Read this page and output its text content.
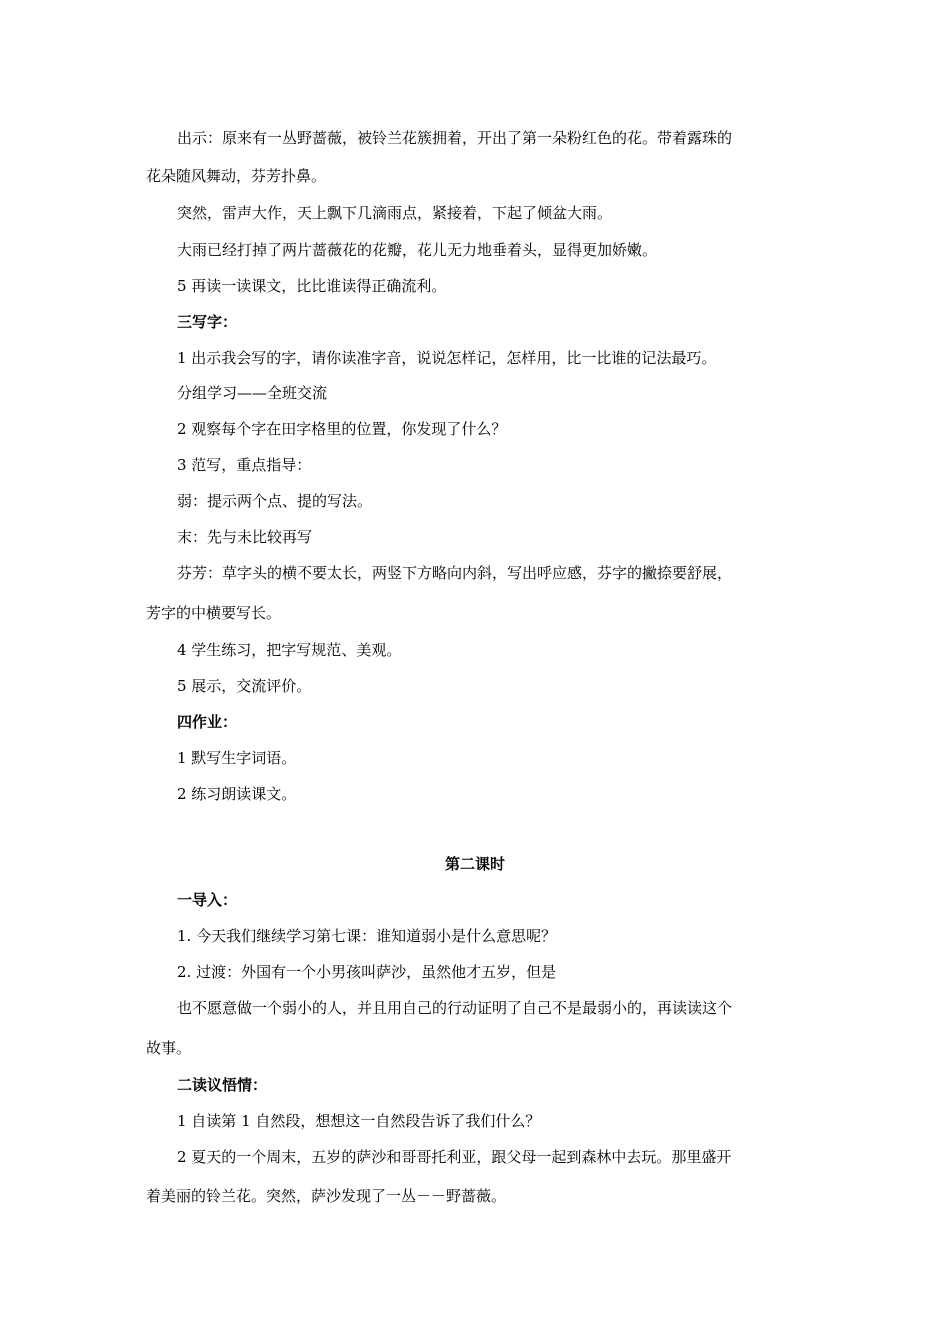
出示：原来有一丛野蔷薇，被铃兰花簇拥着，开出了第一朵粉红色的花。带着露珠的
花朵随风舞动，芬芳扑鼻。
突然，雷声大作，天上飘下几滴雨点，紧接着，下起了倾盆大雨。
大雨已经打掉了两片蔷薇花的花瓣，花儿无力地垂着头，显得更加娇嫩。
5 再读一读课文，比比谁读得正确流利。
三写字：
1 出示我会写的字，请你读准字音，说说怎样记，怎样用，比一比谁的记法最巧。
分组学习——全班交流
2 观察每个字在田字格里的位置，你发现了什么？
3 范写，重点指导：
弱：提示两个点、提的写法。
末：先与未比较再写
芬芳：草字头的横不要太长，两竖下方略向内斜，写出呼应感，芬字的撇捺要舒展，
芳字的中横要写长。
4 学生练习，把字写规范、美观。
5 展示，交流评价。
四作业：
1 默写生字词语。
2 练习朗读课文。
第二课时
一导入：
1. 今天我们继续学习第七课：谁知道弱小是什么意思呢？
2. 过渡：外国有一个小男孩叫萨沙，虽然他才五岁，但是
也不愿意做一个弱小的人，并且用自己的行动证明了自己不是最弱小的，再读读这个
故事。
二读议悟情：
1 自读第 1 自然段，想想这一自然段告诉了我们什么？
2 夏天的一个周末，五岁的萨沙和哥哥托利亚，跟父母一起到森林中去玩。那里盛开
着美丽的铃兰花。突然，萨沙发现了一丛－－野蔷薇。
